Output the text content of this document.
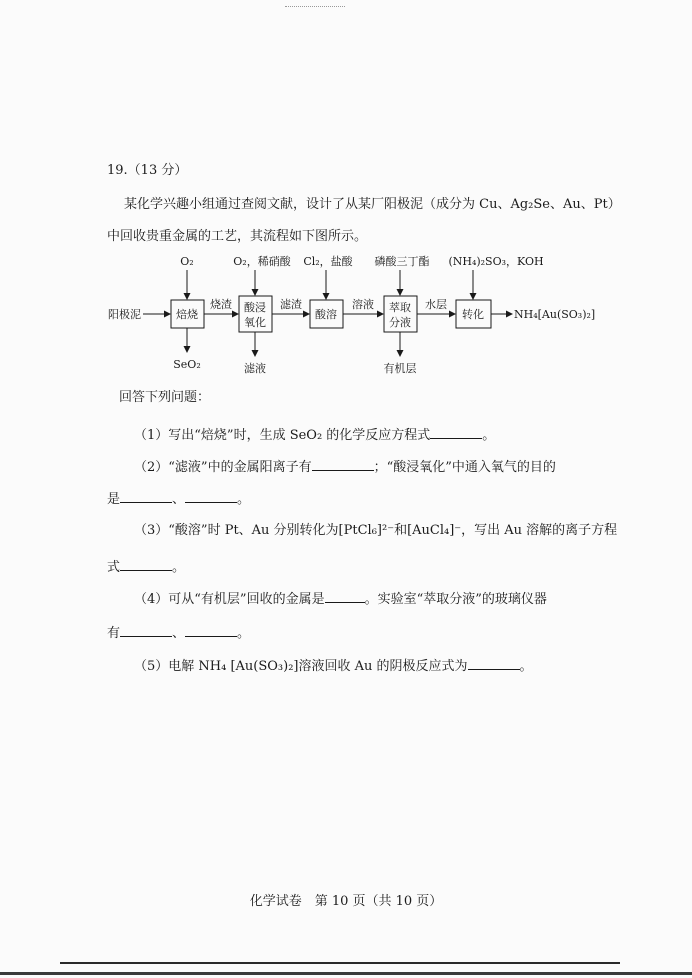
19.（13 分）
某化学兴趣小组通过查阅文献，设计了从某厂阳极泥（成分为 Cu、Ag₂Se、Au、Pt）
中回收贵重金属的工艺，其流程如下图所示。
焙烧
酸浸
氧化
酸溶
萃取
分液
转化
阳极泥	NH₄[Au(SO₃)₂]
烧渣	滤渣	溶液	水层
O₂	O₂，稀硝酸 Cl₂，盐酸 磷酸三丁酯 (NH₄)₂SO₃，KOH
SeO₂	滤液	有机层
回答下列问题：
（1）写出“焙烧”时，生成 SeO₂ 的化学反应方程式	。
（2）“滤液”中的金属阳离子有	；“酸浸氧化”中通入氧气的目的
是	、	。
（3）“酸溶”时 Pt、Au 分别转化为[PtCl₆]²⁻和[AuCl₄]⁻，写出 Au 溶解的离子方程
式	。
（4）可从“有机层”回收的金属是	。实验室“萃取分液”的玻璃仪器
有	、	。
（5）电解 NH₄ [Au(SO₃)₂]溶液回收 Au 的阴极反应式为	。
化学试卷　第 10 页（共 10 页）
